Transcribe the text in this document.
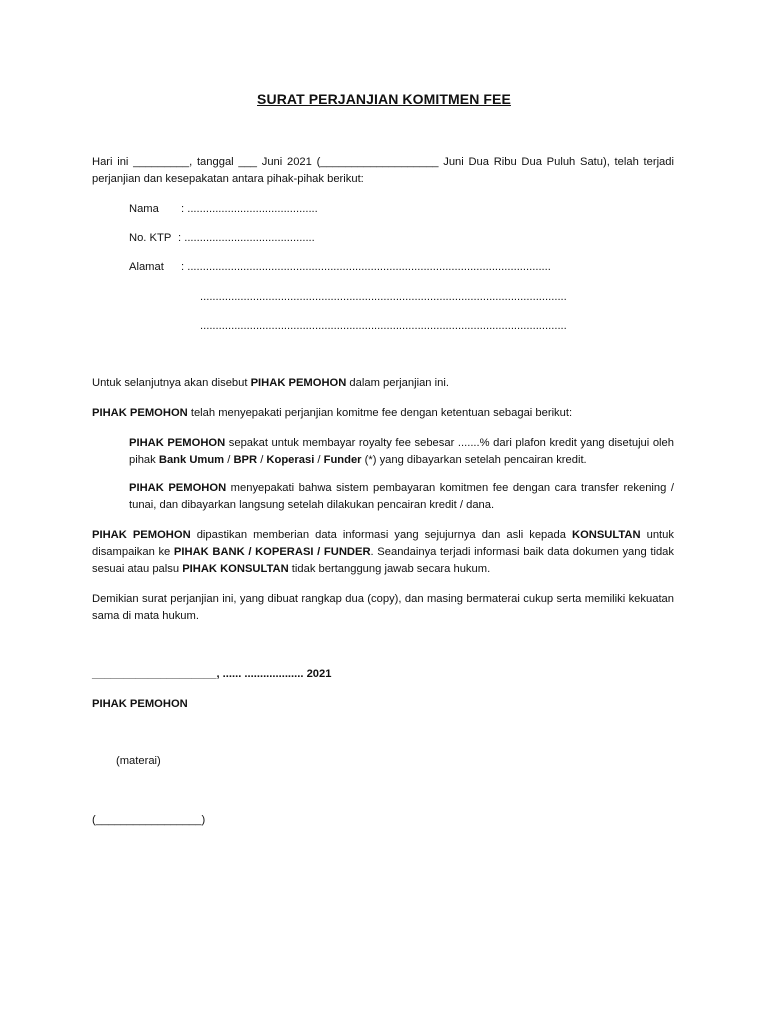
SURAT PERJANJIAN KOMITMEN FEE
Hari ini _________, tanggal ___ Juni 2021 (___________________ Juni Dua Ribu Dua Puluh Satu), telah terjadi
perjanjian dan kesepakatan antara pihak-pihak berikut:
Nama : ..........................................
No. KTP : ..........................................
Alamat : .....................................................................................................................
......................................................................................................................
......................................................................................................................
Untuk selanjutnya akan disebut PIHAK PEMOHON dalam perjanjian ini.
PIHAK PEMOHON telah menyepakati perjanjian komitme fee dengan ketentuan sebagai berikut:
PIHAK PEMOHON sepakat untuk membayar royalty fee sebesar .......% dari plafon kredit yang disetujui oleh pihak Bank Umum / BPR / Koperasi / Funder (*) yang dibayarkan setelah pencairan kredit.
PIHAK PEMOHON menyepakati bahwa sistem pembayaran komitmen fee dengan cara transfer rekening / tunai, dan dibayarkan langsung setelah dilakukan pencairan kredit / dana.
PIHAK PEMOHON dipastikan memberian data informasi yang sejujurnya dan asli kepada KONSULTAN untuk disampaikan ke PIHAK BANK / KOPERASI / FUNDER. Seandainya terjadi informasi baik data dokumen yang tidak sesuai atau palsu PIHAK KONSULTAN tidak bertanggung jawab secara hukum.
Demikian surat perjanjian ini, yang dibuat rangkap dua (copy), dan masing bermaterai cukup serta memiliki kekuatan sama di mata hukum.
____________________, ...... ................... 2021
PIHAK PEMOHON
(materai)
(_________________)
